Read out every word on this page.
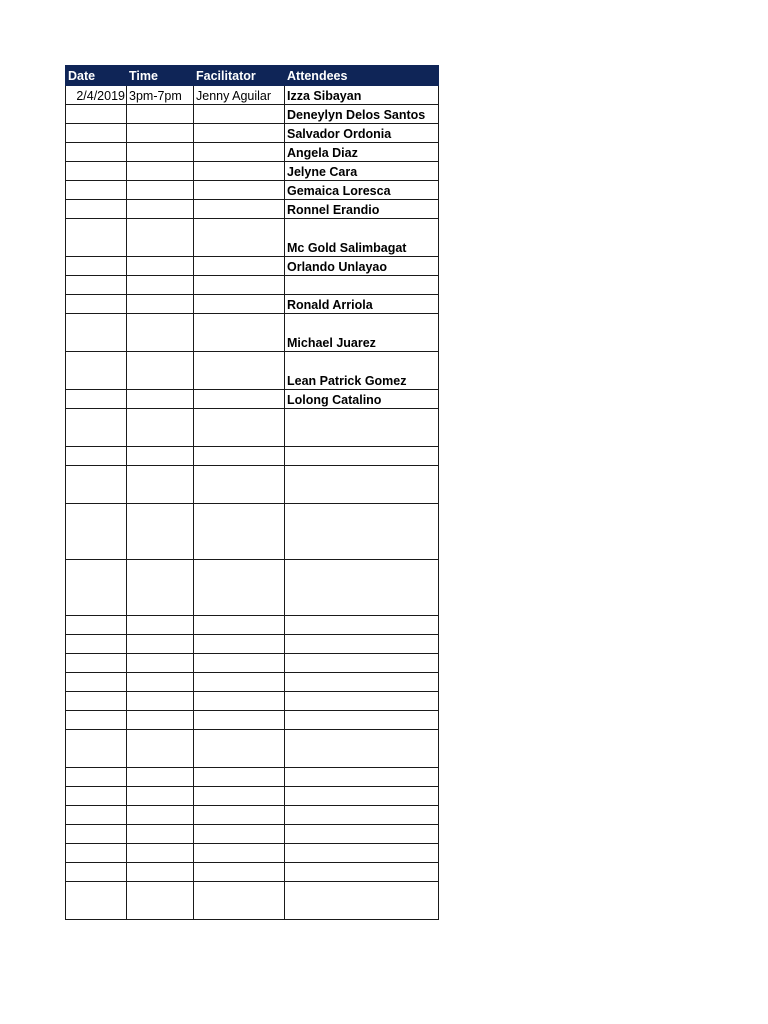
Date	Time	Facilitator	Attendees
2/4/2019	3pm-7pm	Jenny Aguilar	Izza Sibayan
			Deneylyn Delos Santos
			Salvador Ordonia
			Angela Diaz
			Jelyne Cara
			Gemaica Loresca
			Ronnel Erandio
			Mc Gold Salimbagat
			Orlando Unlayao

			Ronald Arriola
			Michael Juarez
			Lean Patrick Gomez
			Lolong Catalino
